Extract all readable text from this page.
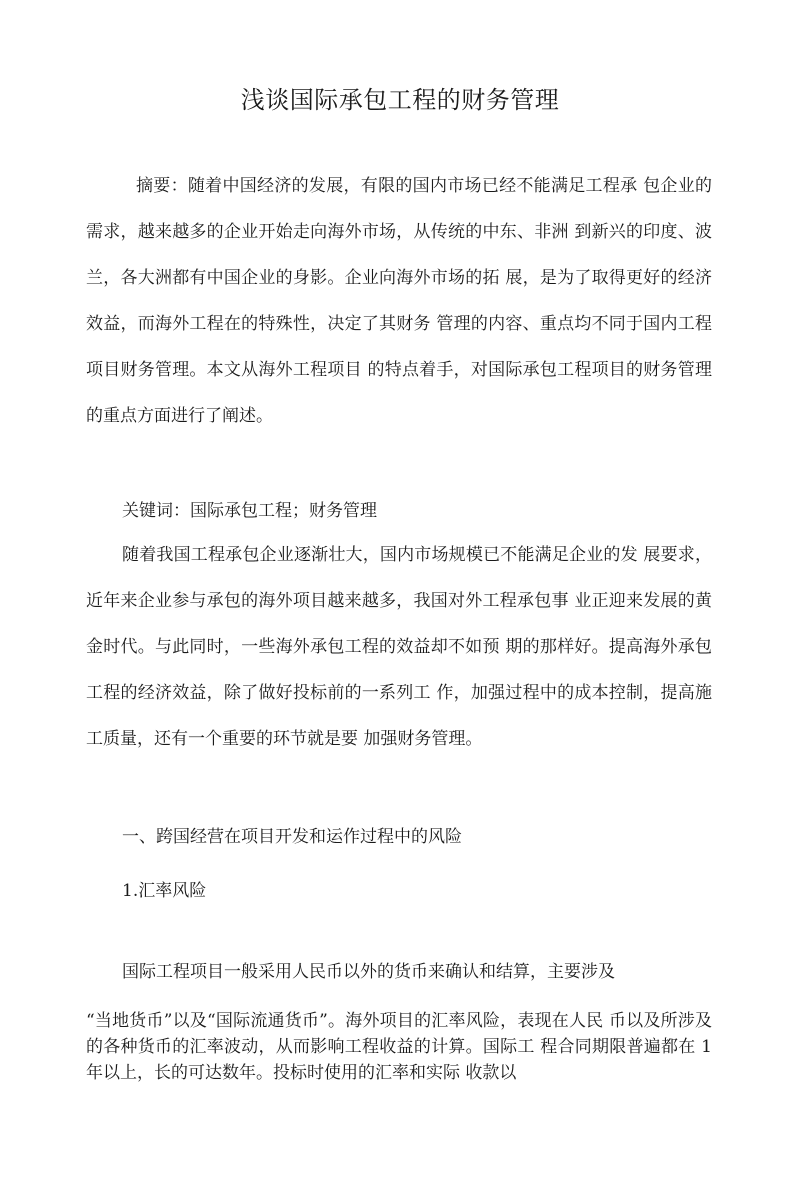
浅谈国际承包工程的财务管理

摘要：随着中国经济的发展，有限的国内市场已经不能满足工程承 包企业的需求，越来越多的企业开始走向海外市场，从传统的中东、非洲 到新兴的印度、波兰，各大洲都有中国企业的身影。企业向海外市场的拓 展，是为了取得更好的经济效益，而海外工程在的特殊性，决定了其财务 管理的内容、重点均不同于国内工程项目财务管理。本文从海外工程项目 的特点着手，对国际承包工程项目的财务管理的重点方面进行了阐述。

关键词：国际承包工程；财务管理

随着我国工程承包企业逐渐壮大，国内市场规模已不能满足企业的发 展要求，近年来企业参与承包的海外项目越来越多，我国对外工程承包事 业正迎来发展的黄金时代。与此同时，一些海外承包工程的效益却不如预 期的那样好。提高海外承包工程的经济效益，除了做好投标前的一系列工 作，加强过程中的成本控制，提高施工质量，还有一个重要的环节就是要 加强财务管理。

一、跨国经营在项目开发和运作过程中的风险

1.汇率风险

国际工程项目一般采用人民币以外的货币来确认和结算，主要涉及

“当地货币”以及“国际流通货币”。海外项目的汇率风险，表现在人民 币以及所涉及的各种货币的汇率波动，从而影响工程收益的计算。国际工 程合同期限普遍都在 1 年以上，长的可达数年。投标时使用的汇率和实际 收款以
